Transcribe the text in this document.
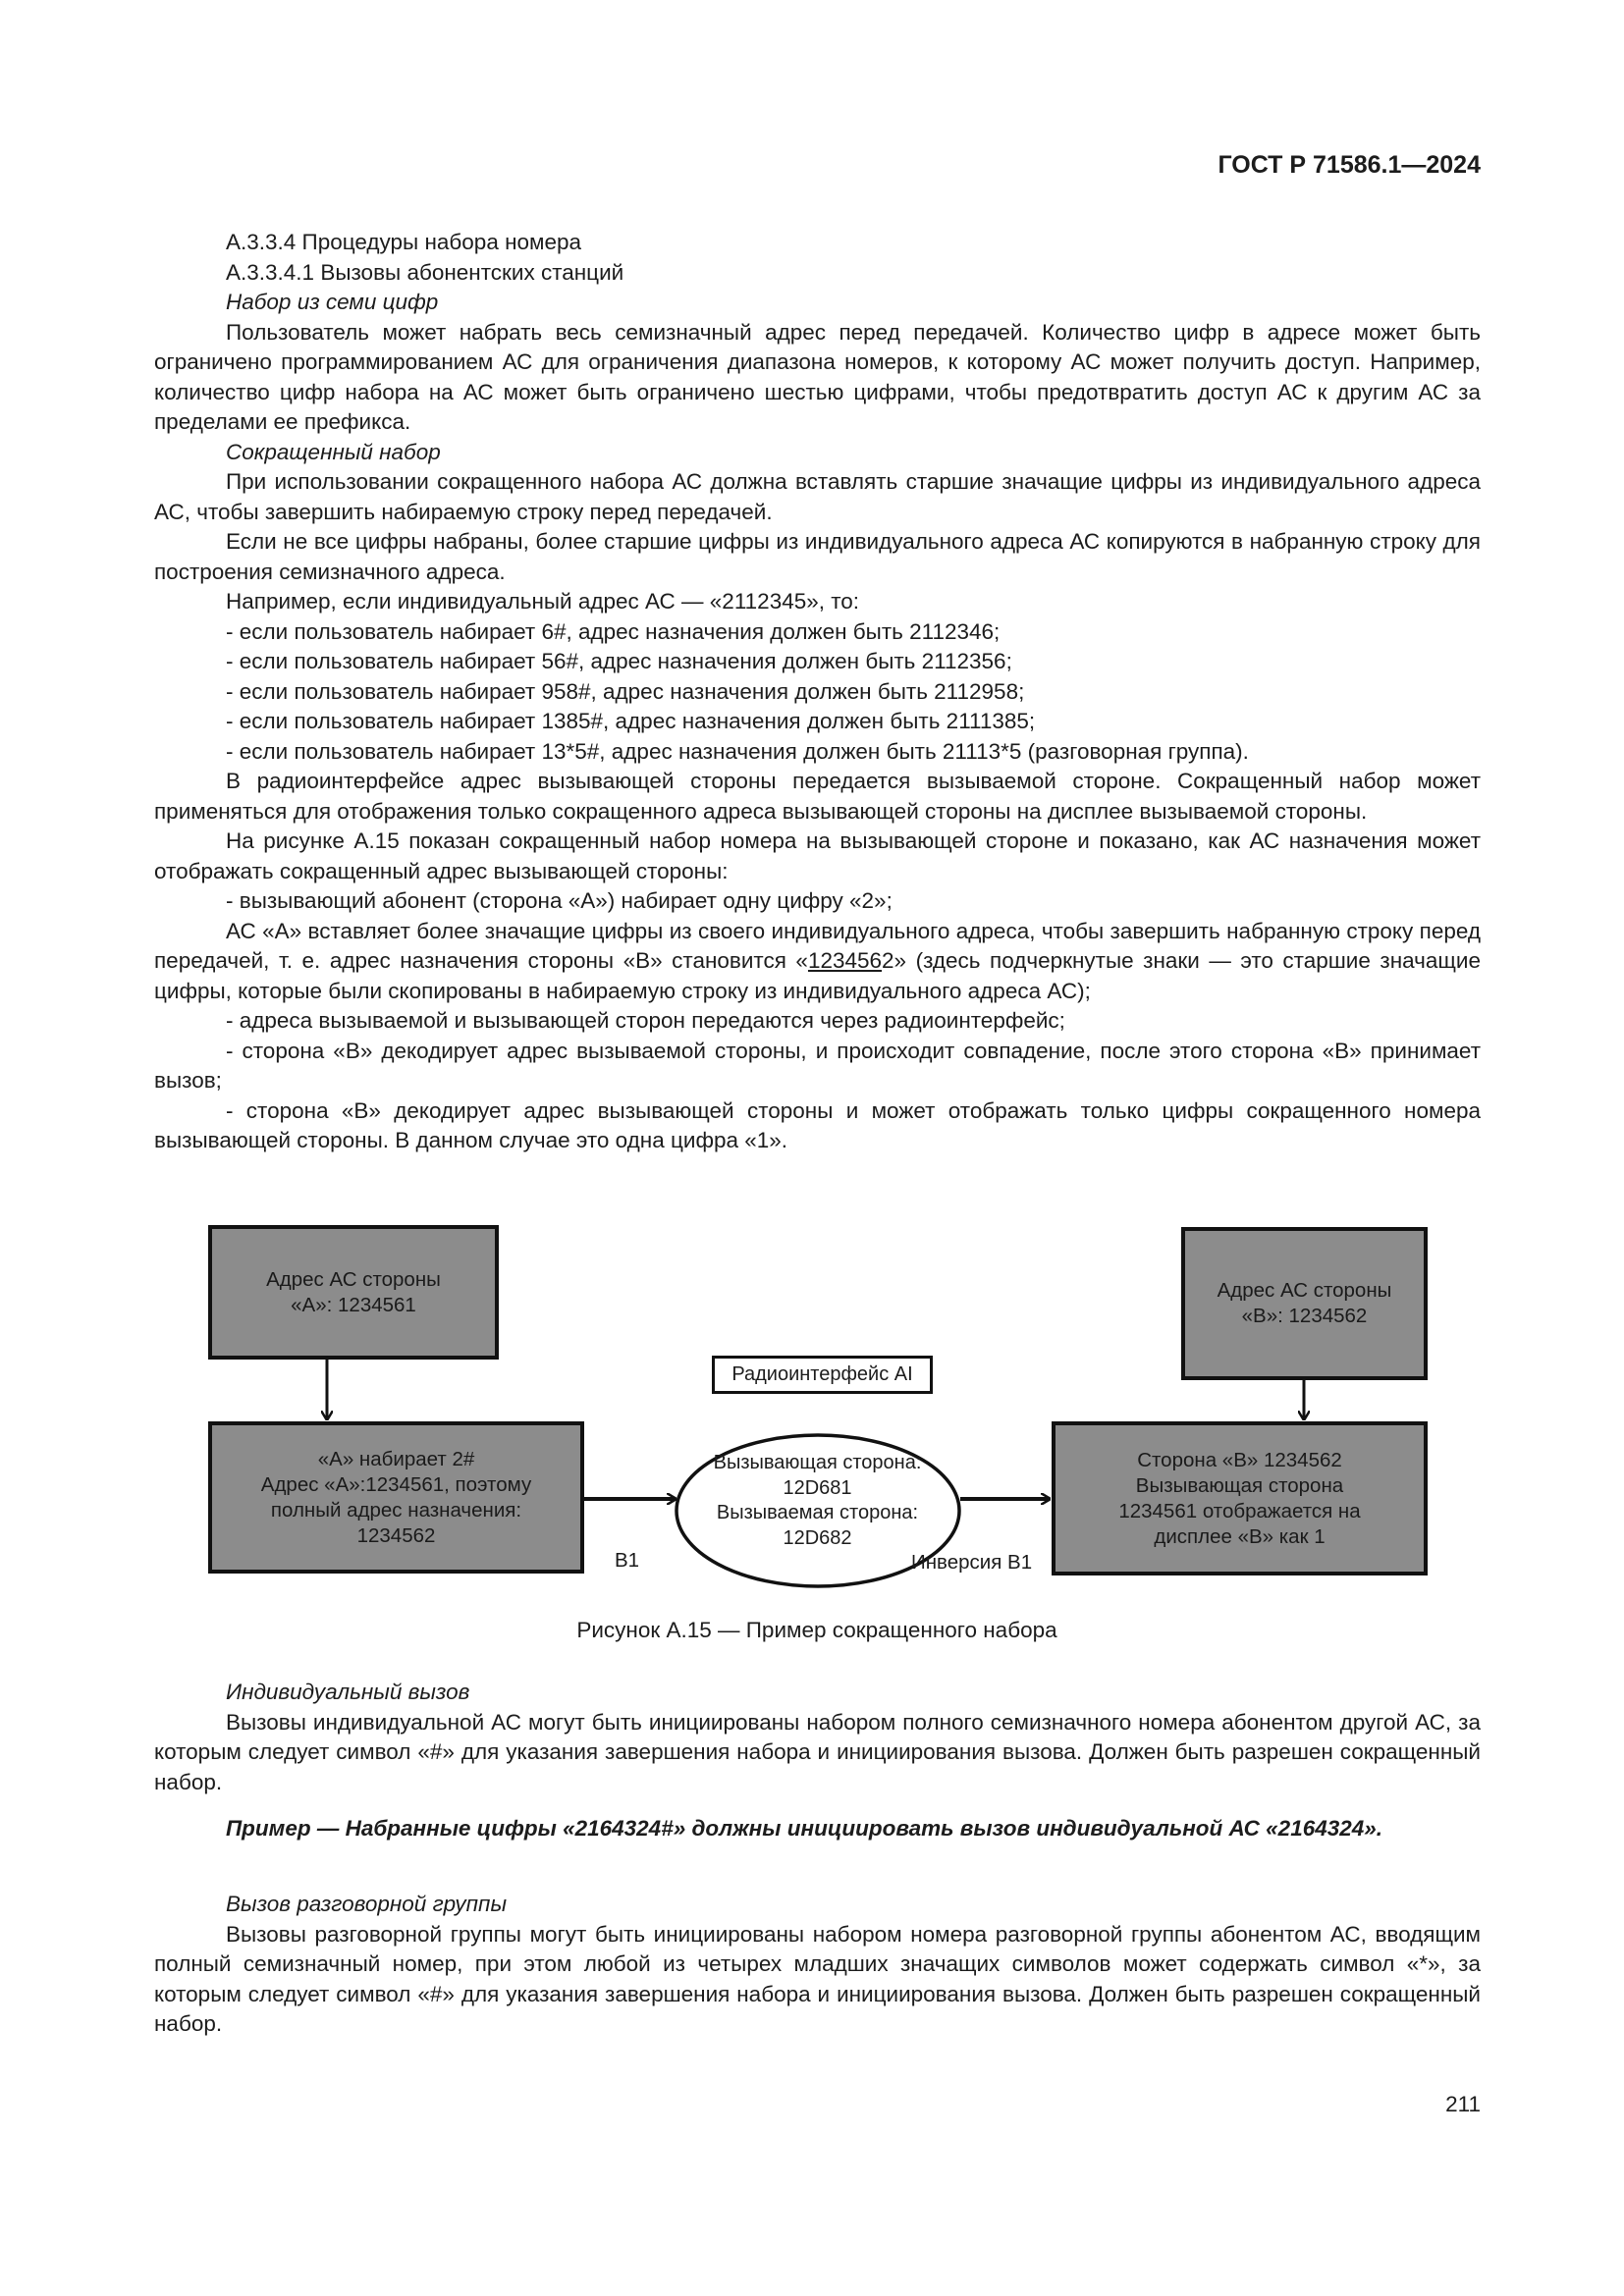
ГОСТ Р 71586.1—2024

А.3.3.4 Процедуры набора номера

А.3.3.4.1 Вызовы абонентских станций

Набор из семи цифр

Пользователь может набрать весь семизначный адрес перед передачей. Количество цифр в адресе может быть ограничено программированием АС для ограничения диапазона номеров, к которому АС может получить доступ. Например, количество цифр набора на АС может быть ограничено шестью цифрами, чтобы предотвратить доступ АС к другим АС за пределами ее префикса.

Сокращенный набор

При использовании сокращенного набора АС должна вставлять старшие значащие цифры из индивидуального адреса АС, чтобы завершить набираемую строку перед передачей.

Если не все цифры набраны, более старшие цифры из индивидуального адреса АС копируются в набранную строку для построения семизначного адреса.

Например, если индивидуальный адрес АС — «2112345», то:

- если пользователь набирает 6#, адрес назначения должен быть 2112346;

- если пользователь набирает 56#, адрес назначения должен быть 2112356;

- если пользователь набирает 958#, адрес назначения должен быть 2112958;

- если пользователь набирает 1385#, адрес назначения должен быть 2111385;

- если пользователь набирает 13*5#, адрес назначения должен быть 21113*5 (разговорная группа).

В радиоинтерфейсе адрес вызывающей стороны передается вызываемой стороне. Сокращенный набор может применяться для отображения только сокращенного адреса вызывающей стороны на дисплее вызываемой стороны.

На рисунке А.15 показан сокращенный набор номера на вызывающей стороне и показано, как АС назначения может отображать сокращенный адрес вызывающей стороны:

- вызывающий абонент (сторона «А») набирает одну цифру «2»;

АС «А» вставляет более значащие цифры из своего индивидуального адреса, чтобы завершить набранную строку перед передачей, т. е. адрес назначения стороны «В» становится «1234562» (здесь подчеркнутые знаки — это старшие значащие цифры, которые были скопированы в набираемую строку из индивидуального адреса АС);

- адреса вызываемой и вызывающей сторон передаются через радиоинтерфейс;

- сторона «В» декодирует адрес вызываемой стороны, и происходит совпадение, после этого сторона «В» принимает вызов;

- сторона «В» декодирует адрес вызывающей стороны и может отображать только цифры сокращенного номера вызывающей стороны. В данном случае это одна цифра «1».

Адрес АС стороны
«А»: 1234561
Адрес АС стороны
«В»: 1234562
«А» набирает 2#
Адрес «А»:1234561, поэтому
полный адрес назначения:
1234562
Сторона «В» 1234562
Вызывающая сторона
1234561 отображается на
дисплее «В» как 1
Радиоинтерфейс AI
Вызывающая сторона:
12D681
Вызываемая сторона:
12D682
B1	Инверсия B1
Рисунок А.15 — Пример сокращенного набора

Индивидуальный вызов

Вызовы индивидуальной АС могут быть инициированы набором полного семизначного номера абонентом другой АС, за которым следует символ «#» для указания завершения набора и инициирования вызова. Должен быть разрешен сокращенный набор.

Пример — Набранные цифры «2164324#» должны инициировать вызов индивидуальной АС «2164324».

Вызов разговорной группы

Вызовы разговорной группы могут быть инициированы набором номера разговорной группы абонентом АС, вводящим полный семизначный номер, при этом любой из четырех младших значащих символов может содержать символ «*», за которым следует символ «#» для указания завершения набора и инициирования вызова. Должен быть разрешен сокращенный набор.

211
